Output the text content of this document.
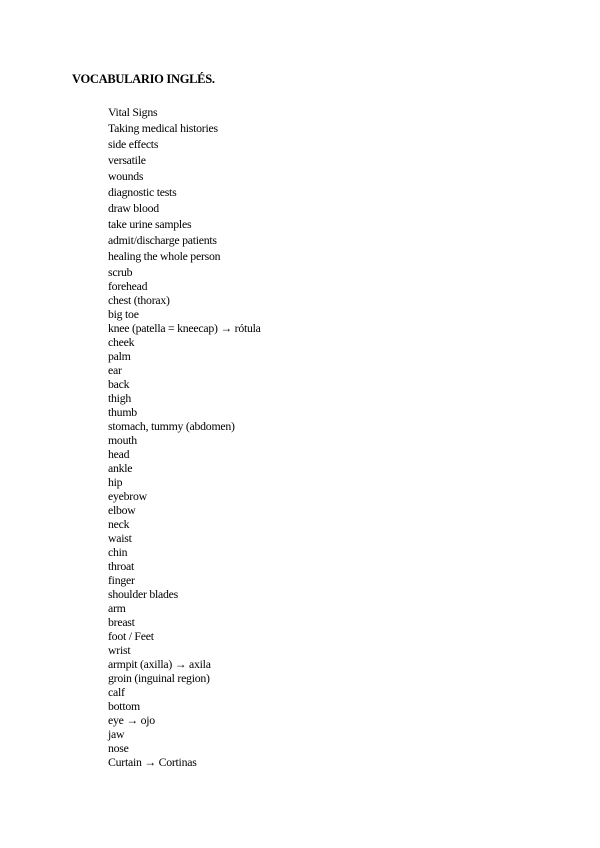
VOCABULARIO INGLÉS.
Vital Signs
Taking medical histories
side effects
versatile
wounds
diagnostic tests
draw blood
take urine samples
admit/discharge patients
healing the whole person
scrub
forehead
chest (thorax)
big toe
knee (patella = kneecap) → rótula
cheek
palm
ear
back
thigh
thumb
stomach, tummy (abdomen)
mouth
head
ankle
hip
eyebrow
elbow
neck
waist
chin
throat
finger
shoulder blades
arm
breast
foot / Feet
wrist
armpit (axilla) → axila
groin (inguinal region)
calf
bottom
eye → ojo
jaw
nose
Curtain → Cortinas
